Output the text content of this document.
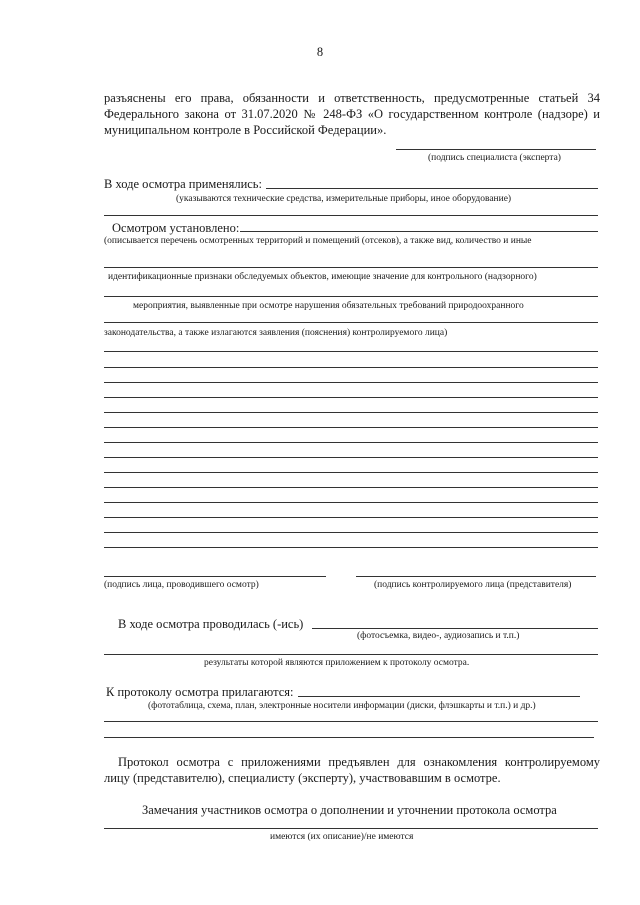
8
разъяснены его права, обязанности и ответственность, предусмотренные статьей 34
Федерального закона от 31.07.2020 № 248-ФЗ «О государственном контроле (надзоре) и
муниципальном контроле в Российской Федерации».
(подпись специалиста (эксперта)
В ходе осмотра применялись:
(указываются технические средства, измерительные приборы, иное оборудование)
Осмотром установлено:
(описывается перечень осмотренных территорий и помещений (отсеков), а также вид, количество и иные
идентификационные признаки обследуемых объектов, имеющие значение для контрольного (надзорного)
мероприятия, выявленные при осмотре нарушения обязательных требований природоохранного
законодательства, а также излагаются заявления (пояснения) контролируемого лица)
(подпись лица, проводившего осмотр)	(подпись контролируемого лица (представителя)
В ходе осмотра проводилась (-ись)
(фотосъемка, видео-, аудиозапись и т.п.)
результаты которой являются приложением к протоколу осмотра.
К протоколу осмотра прилагаются:
(фототаблица, схема, план, электронные носители информации (диски, флэшкарты и т.п.) и др.)
Протокол осмотра с приложениями предъявлен для ознакомления контролируемому
лицу (представителю), специалисту (эксперту), участвовавшим в осмотре.
Замечания участников осмотра о дополнении и уточнении протокола осмотра
имеются (их описание)/не имеются
